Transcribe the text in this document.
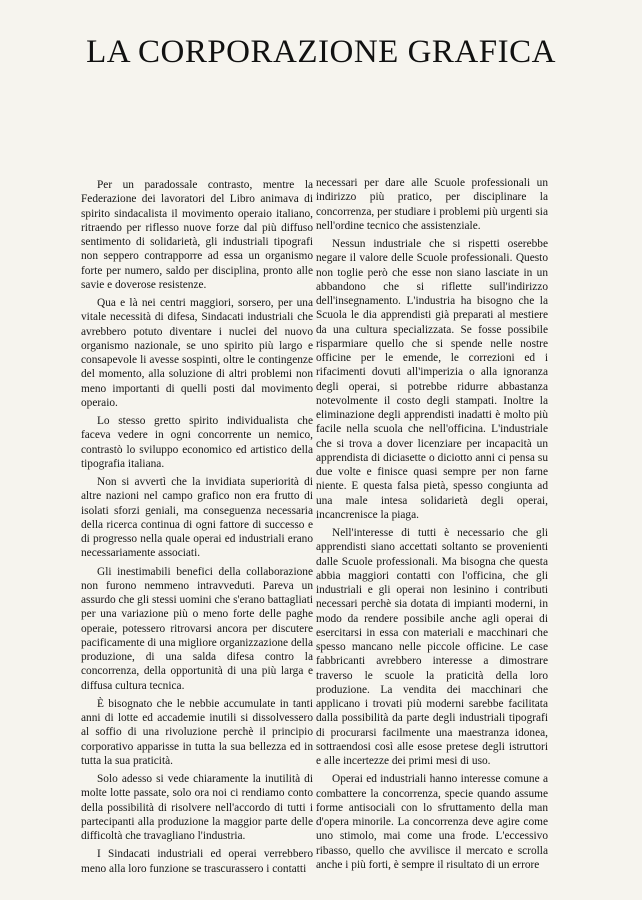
LA CORPORAZIONE GRAFICA

Per un paradossale contrasto, mentre la Federazione dei lavoratori del Libro animava di spirito sindacalista il movimento operaio italiano, ritraendo per riflesso nuove forze dal più diffuso sentimento di solidarietà, gli industriali tipografi non seppero contrapporre ad essa un organismo forte per numero, saldo per disciplina, pronto alle savie e doverose resistenze.

Qua e là nei centri maggiori, sorsero, per una vitale necessità di difesa, Sindacati industriali che avrebbero potuto diventare i nuclei del nuovo organismo nazionale, se uno spirito più largo e consapevole li avesse sospinti, oltre le contingenze del momento, alla soluzione di altri problemi non meno importanti di quelli posti dal movimento operaio.

Lo stesso gretto spirito individualista che faceva vedere in ogni concorrente un nemico, contrastò lo sviluppo economico ed artistico della tipografia italiana.

Non si avvertì che la invidiata superiorità di altre nazioni nel campo grafico non era frutto di isolati sforzi geniali, ma conseguenza necessaria della ricerca continua di ogni fattore di successo e di progresso nella quale operai ed industriali erano necessariamente associati.

Gli inestimabili benefici della collaborazione non furono nemmeno intravveduti. Pareva un assurdo che gli stessi uomini che s'erano battagliati per una variazione più o meno forte delle paghe operaie, potessero ritrovarsi ancora per discutere pacificamente di una migliore organizzazione della produzione, di una salda difesa contro la concorrenza, della opportunità di una più larga e diffusa cultura tecnica.

È bisognato che le nebbie accumulate in tanti anni di lotte ed accademie inutili si dissolvessero al soffio di una rivoluzione perchè il principio corporativo apparisse in tutta la sua bellezza ed in tutta la sua praticità.

Solo adesso si vede chiaramente la inutilità di molte lotte passate, solo ora noi ci rendiamo conto della possibilità di risolvere nell'accordo di tutti i partecipanti alla produzione la maggior parte delle difficoltà che travagliano l'industria.

I Sindacati industriali ed operai verrebbero meno alla loro funzione se trascurassero i contatti

necessari per dare alle Scuole professionali un indirizzo più pratico, per disciplinare la concorrenza, per studiare i problemi più urgenti sia nell'ordine tecnico che assistenziale.

Nessun industriale che si rispetti oserebbe negare il valore delle Scuole professionali. Questo non toglie però che esse non siano lasciate in un abbandono che si riflette sull'indirizzo dell'insegnamento. L'industria ha bisogno che la Scuola le dia apprendisti già preparati al mestiere da una cultura specializzata. Se fosse possibile risparmiare quello che si spende nelle nostre officine per le emende, le correzioni ed i rifacimenti dovuti all'imperizia o alla ignoranza degli operai, si potrebbe ridurre abbastanza notevolmente il costo degli stampati. Inoltre la eliminazione degli apprendisti inadatti è molto più facile nella scuola che nell'officina. L'industriale che si trova a dover licenziare per incapacità un apprendista di diciasette o diciotto anni ci pensa su due volte e finisce quasi sempre per non farne niente. E questa falsa pietà, spesso congiunta ad una male intesa solidarietà degli operai, incancrenisce la piaga.

Nell'interesse di tutti è necessario che gli apprendisti siano accettati soltanto se provenienti dalle Scuole professionali. Ma bisogna che questa abbia maggiori contatti con l'officina, che gli industriali e gli operai non lesinino i contributi necessari perchè sia dotata di impianti moderni, in modo da rendere possibile anche agli operai di esercitarsi in essa con materiali e macchinari che spesso mancano nelle piccole officine. Le case fabbricanti avrebbero interesse a dimostrare traverso le scuole la praticità della loro produzione. La vendita dei macchinari che applicano i trovati più moderni sarebbe facilitata dalla possibilità da parte degli industriali tipografi di procurarsi facilmente una maestranza idonea, sottraendosi così alle esose pretese degli istruttori e alle incertezze dei primi mesi di uso.

Operai ed industriali hanno interesse comune a combattere la concorrenza, specie quando assume forme antisociali con lo sfruttamento della man d'opera minorile. La concorrenza deve agire come uno stimolo, mai come una frode. L'eccessivo ribasso, quello che avvilisce il mercato e scrolla anche i più forti, è sempre il risultato di un errore
